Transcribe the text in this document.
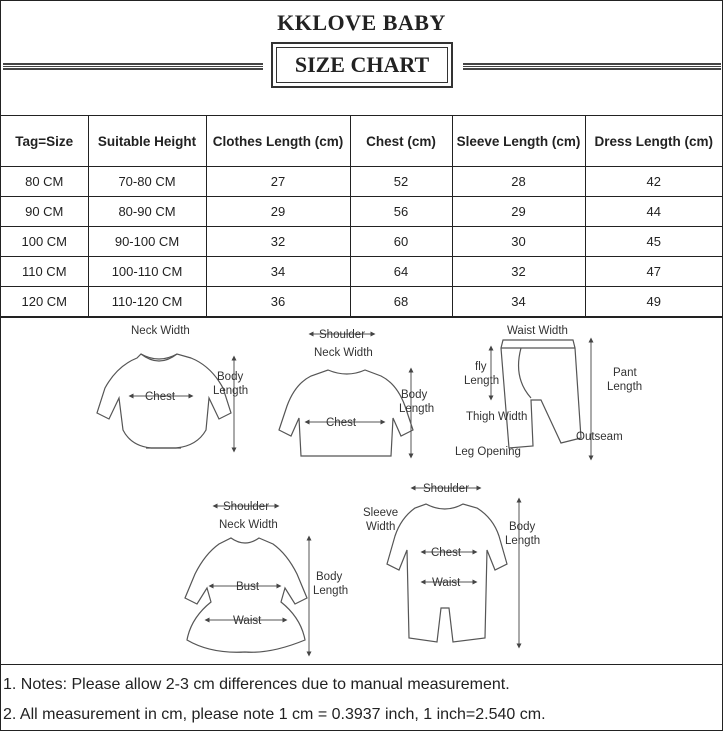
KKLOVE BABY
SIZE CHART
Tag=Size	Suitable Height	Clothes Length (cm)	Chest (cm)	Sleeve Length (cm)	Dress Length (cm)
80 CM	70-80 CM	27	52	28	42
90 CM	80-90 CM	29	56	29	44
100 CM	90-100 CM	32	60	30	45
110 CM	100-110 CM	34	64	32	47
120 CM	110-120 CM	36	68	34	49
Neck Width
Body
Length
Chest
Shoulder
Neck Width
Body
Length
Chest
Waist Width
fly
Length
Pant
Length
Thigh Width
Outseam
Leg Opening
Shoulder
Neck Width
Body
Length
Bust
Waist
Shoulder
Sleeve
Width	Body
Length
Chest
Waist
1. Notes: Please allow 2-3 cm differences due to manual measurement.
2. All measurement in cm, please note 1 cm = 0.3937 inch, 1 inch=2.540 cm.
